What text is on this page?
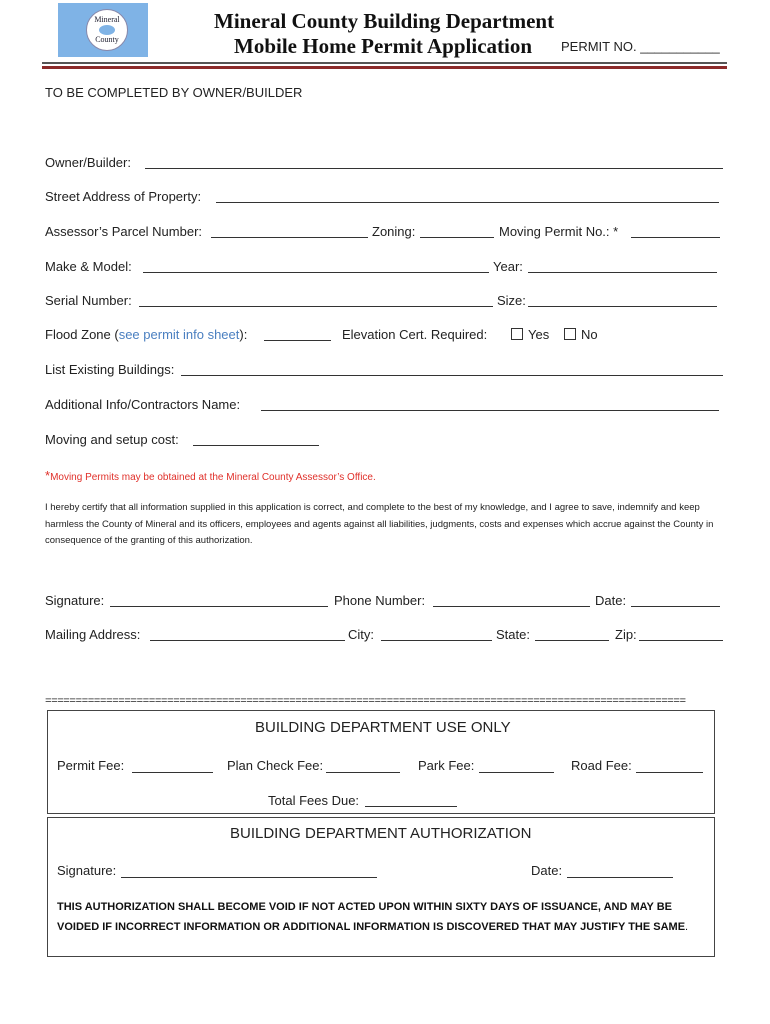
Mineral
County
Mineral County Building Department
Mobile Home Permit Application PERMIT NO. ___________
TO BE COMPLETED BY OWNER/BUILDER
Owner/Builder:
Street Address of Property:
Assessor’s Parcel Number:	Zoning:	Moving Permit No.: *
Make & Model:	Year:
Serial Number:	Size:
Flood Zone (see permit info sheet):	Elevation Cert. Required:	Yes	No
List Existing Buildings:
Additional Info/Contractors Name:
Moving and setup cost:
*Moving Permits may be obtained at the Mineral County Assessor’s Office.
I hereby certify that all information supplied in this application is correct, and complete to the best of my knowledge, and I agree to save, indemnify and keep harmless the County of Mineral and its officers, employees and agents against all liabilities, judgments, costs and expenses which accrue against the County in consequence of the granting of this authorization.
Signature:	Phone Number:	Date:
Mailing Address:	City:	State:	Zip:
=========================================================================================================
BUILDING DEPARTMENT USE ONLY
Permit Fee:	Plan Check Fee:	Park Fee:	Road Fee:
Total Fees Due:
BUILDING DEPARTMENT AUTHORIZATION
Signature:	Date:
THIS AUTHORIZATION SHALL BECOME VOID IF NOT ACTED UPON WITHIN SIXTY DAYS OF ISSUANCE, AND MAY BE VOIDED IF INCORRECT INFORMATION OR ADDITIONAL INFORMATION IS DISCOVERED THAT MAY JUSTIFY THE SAME.
